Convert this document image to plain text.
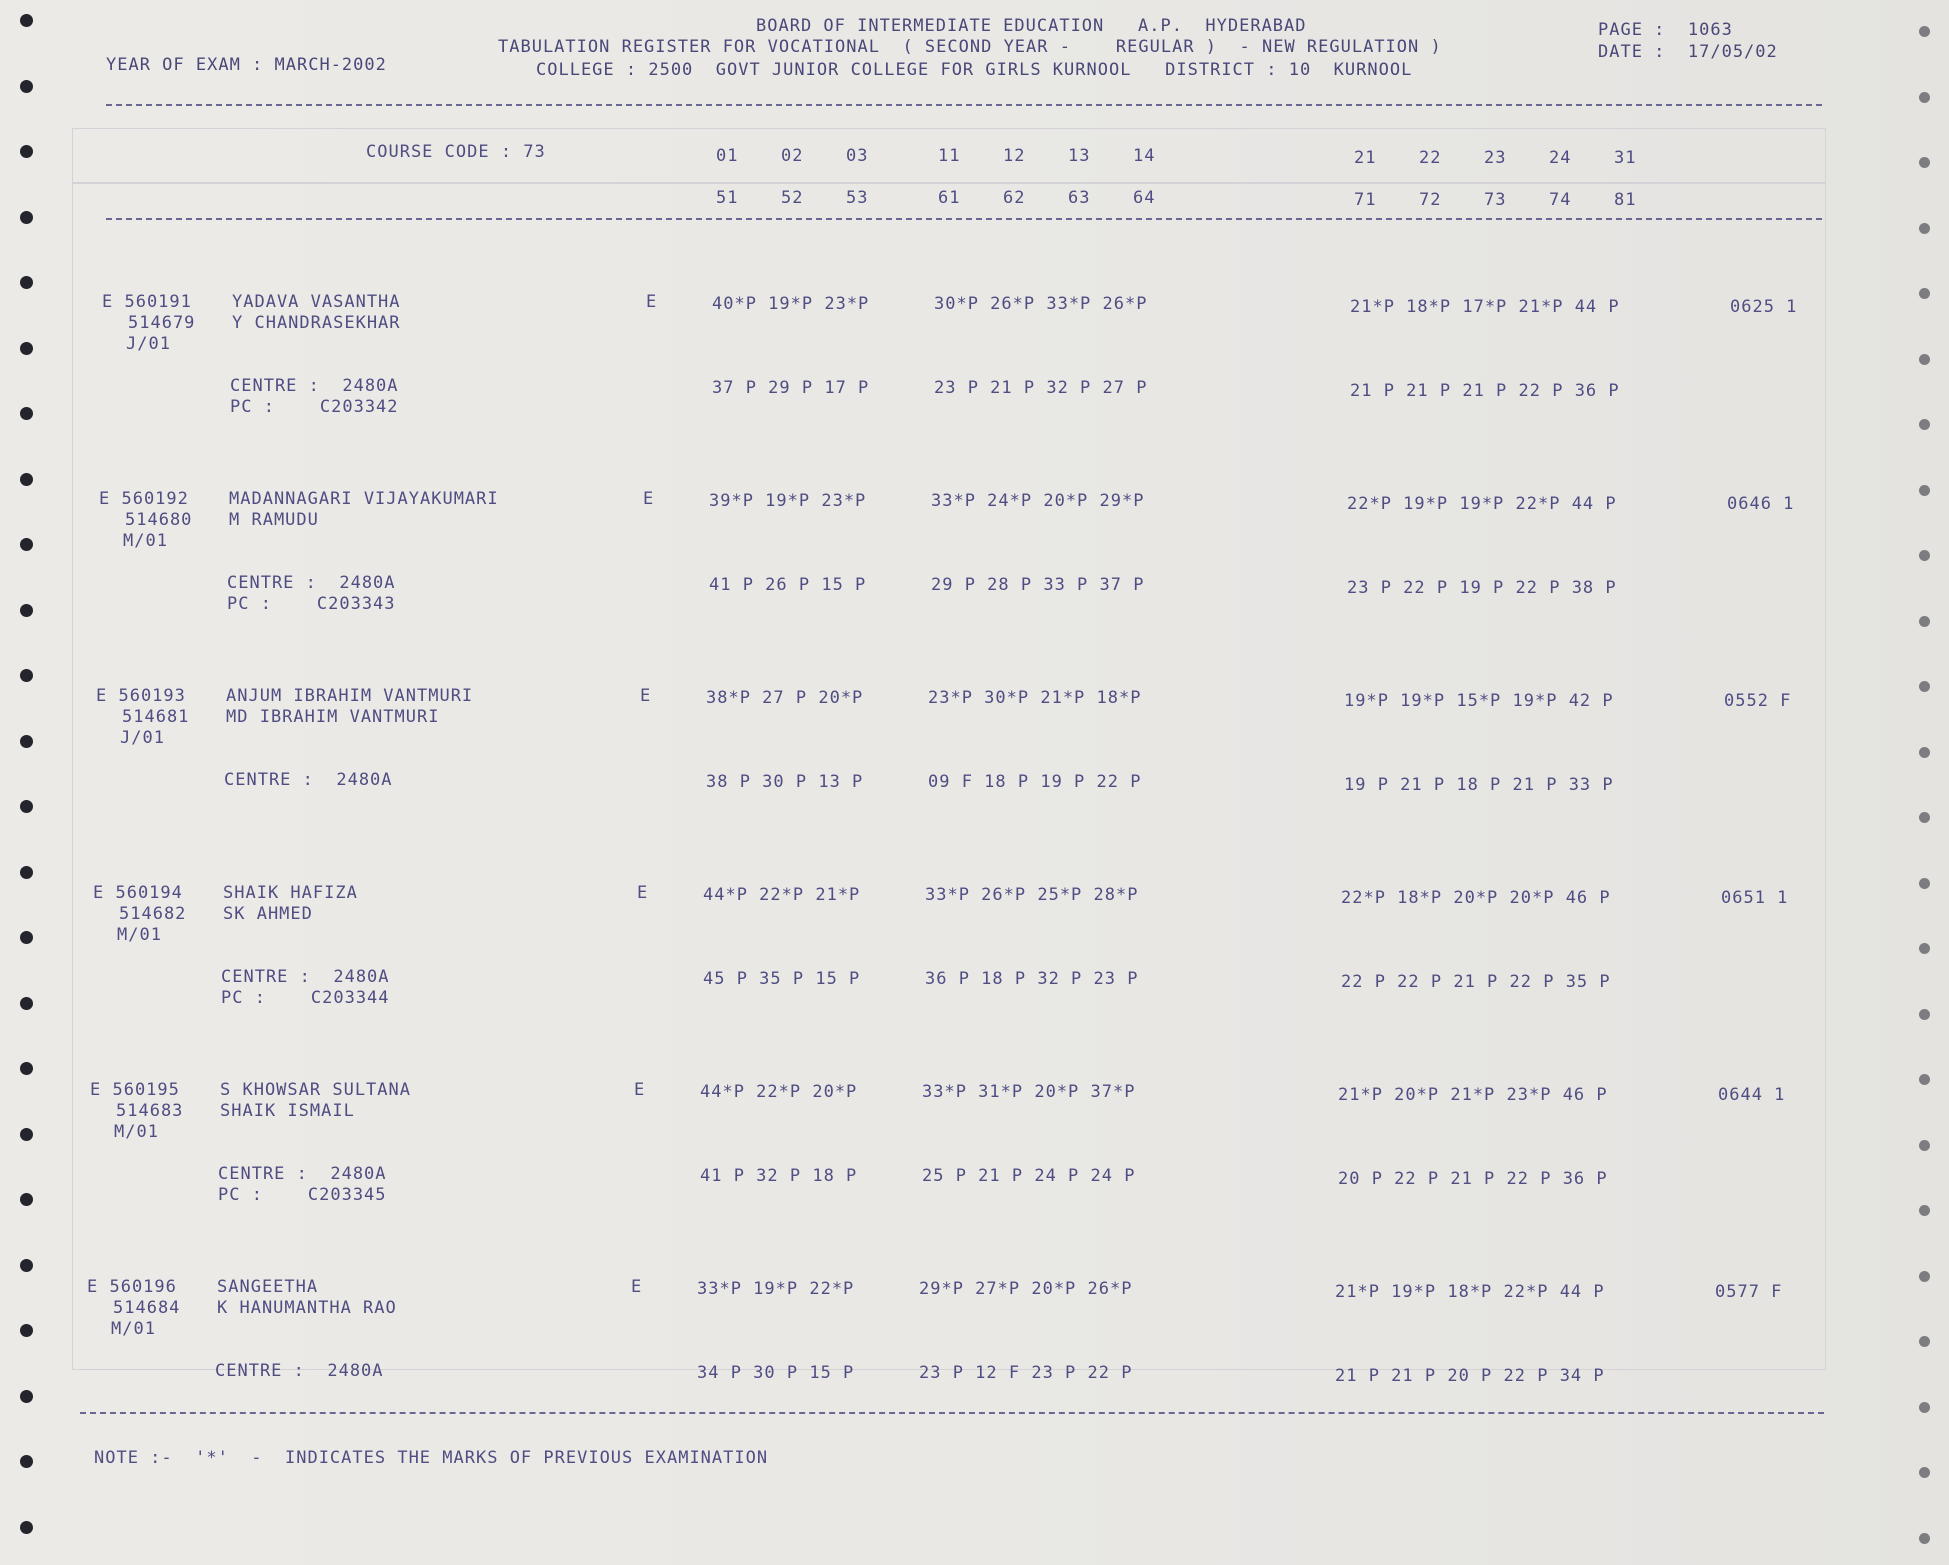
BOARD OF INTERMEDIATE EDUCATION   A.P.  HYDERABAD
TABULATION REGISTER FOR VOCATIONAL  ( SECOND YEAR -    REGULAR )  - NEW REGULATION )
COLLEGE : 2500  GOVT JUNIOR COLLEGE FOR GIRLS KURNOOL   DISTRICT : 10  KURNOOL
YEAR OF EXAM : MARCH-2002
PAGE :  1063
DATE :  17/05/02
COURSE CODE : 73	01	02	03	11	12	13	14	21	22	23	24	31
51	52	53	61	62	63	64	71	72	73	74	81
E 560191
514679
J/01
YADAVA VASANTHA
Y CHANDRASEKHAR
E	40*P 19*P 23*P	30*P 26*P 33*P 26*P	21*P 18*P 17*P 21*P 44 P	0625 1
CENTRE :  2480A
PC :    C203342
37 P 29 P 17 P	23 P 21 P 32 P 27 P	21 P 21 P 21 P 22 P 36 P
E 560192
514680
M/01
MADANNAGARI VIJAYAKUMARI
M RAMUDU
E	39*P 19*P 23*P	33*P 24*P 20*P 29*P	22*P 19*P 19*P 22*P 44 P	0646 1
CENTRE :  2480A
PC :    C203343
41 P 26 P 15 P	29 P 28 P 33 P 37 P	23 P 22 P 19 P 22 P 38 P
E 560193
514681
J/01
ANJUM IBRAHIM VANTMURI
MD IBRAHIM VANTMURI
E	38*P 27 P 20*P	23*P 30*P 21*P 18*P	19*P 19*P 15*P 19*P 42 P	0552 F
CENTRE :  2480A	38 P 30 P 13 P	09 F 18 P 19 P 22 P	19 P 21 P 18 P 21 P 33 P
E 560194
514682
M/01
SHAIK HAFIZA
SK AHMED
E	44*P 22*P 21*P	33*P 26*P 25*P 28*P	22*P 18*P 20*P 20*P 46 P	0651 1
CENTRE :  2480A
PC :    C203344
45 P 35 P 15 P	36 P 18 P 32 P 23 P	22 P 22 P 21 P 22 P 35 P
E 560195
514683
M/01
S KHOWSAR SULTANA
SHAIK ISMAIL
E	44*P 22*P 20*P	33*P 31*P 20*P 37*P	21*P 20*P 21*P 23*P 46 P	0644 1
CENTRE :  2480A
PC :    C203345
41 P 32 P 18 P	25 P 21 P 24 P 24 P	20 P 22 P 21 P 22 P 36 P
E 560196
514684
M/01
SANGEETHA
K HANUMANTHA RAO
E	33*P 19*P 22*P	29*P 27*P 20*P 26*P	21*P 19*P 18*P 22*P 44 P	0577 F
CENTRE :  2480A	34 P 30 P 15 P	23 P 12 F 23 P 22 P	21 P 21 P 20 P 22 P 34 P
NOTE :-  '*'  -  INDICATES THE MARKS OF PREVIOUS EXAMINATION
